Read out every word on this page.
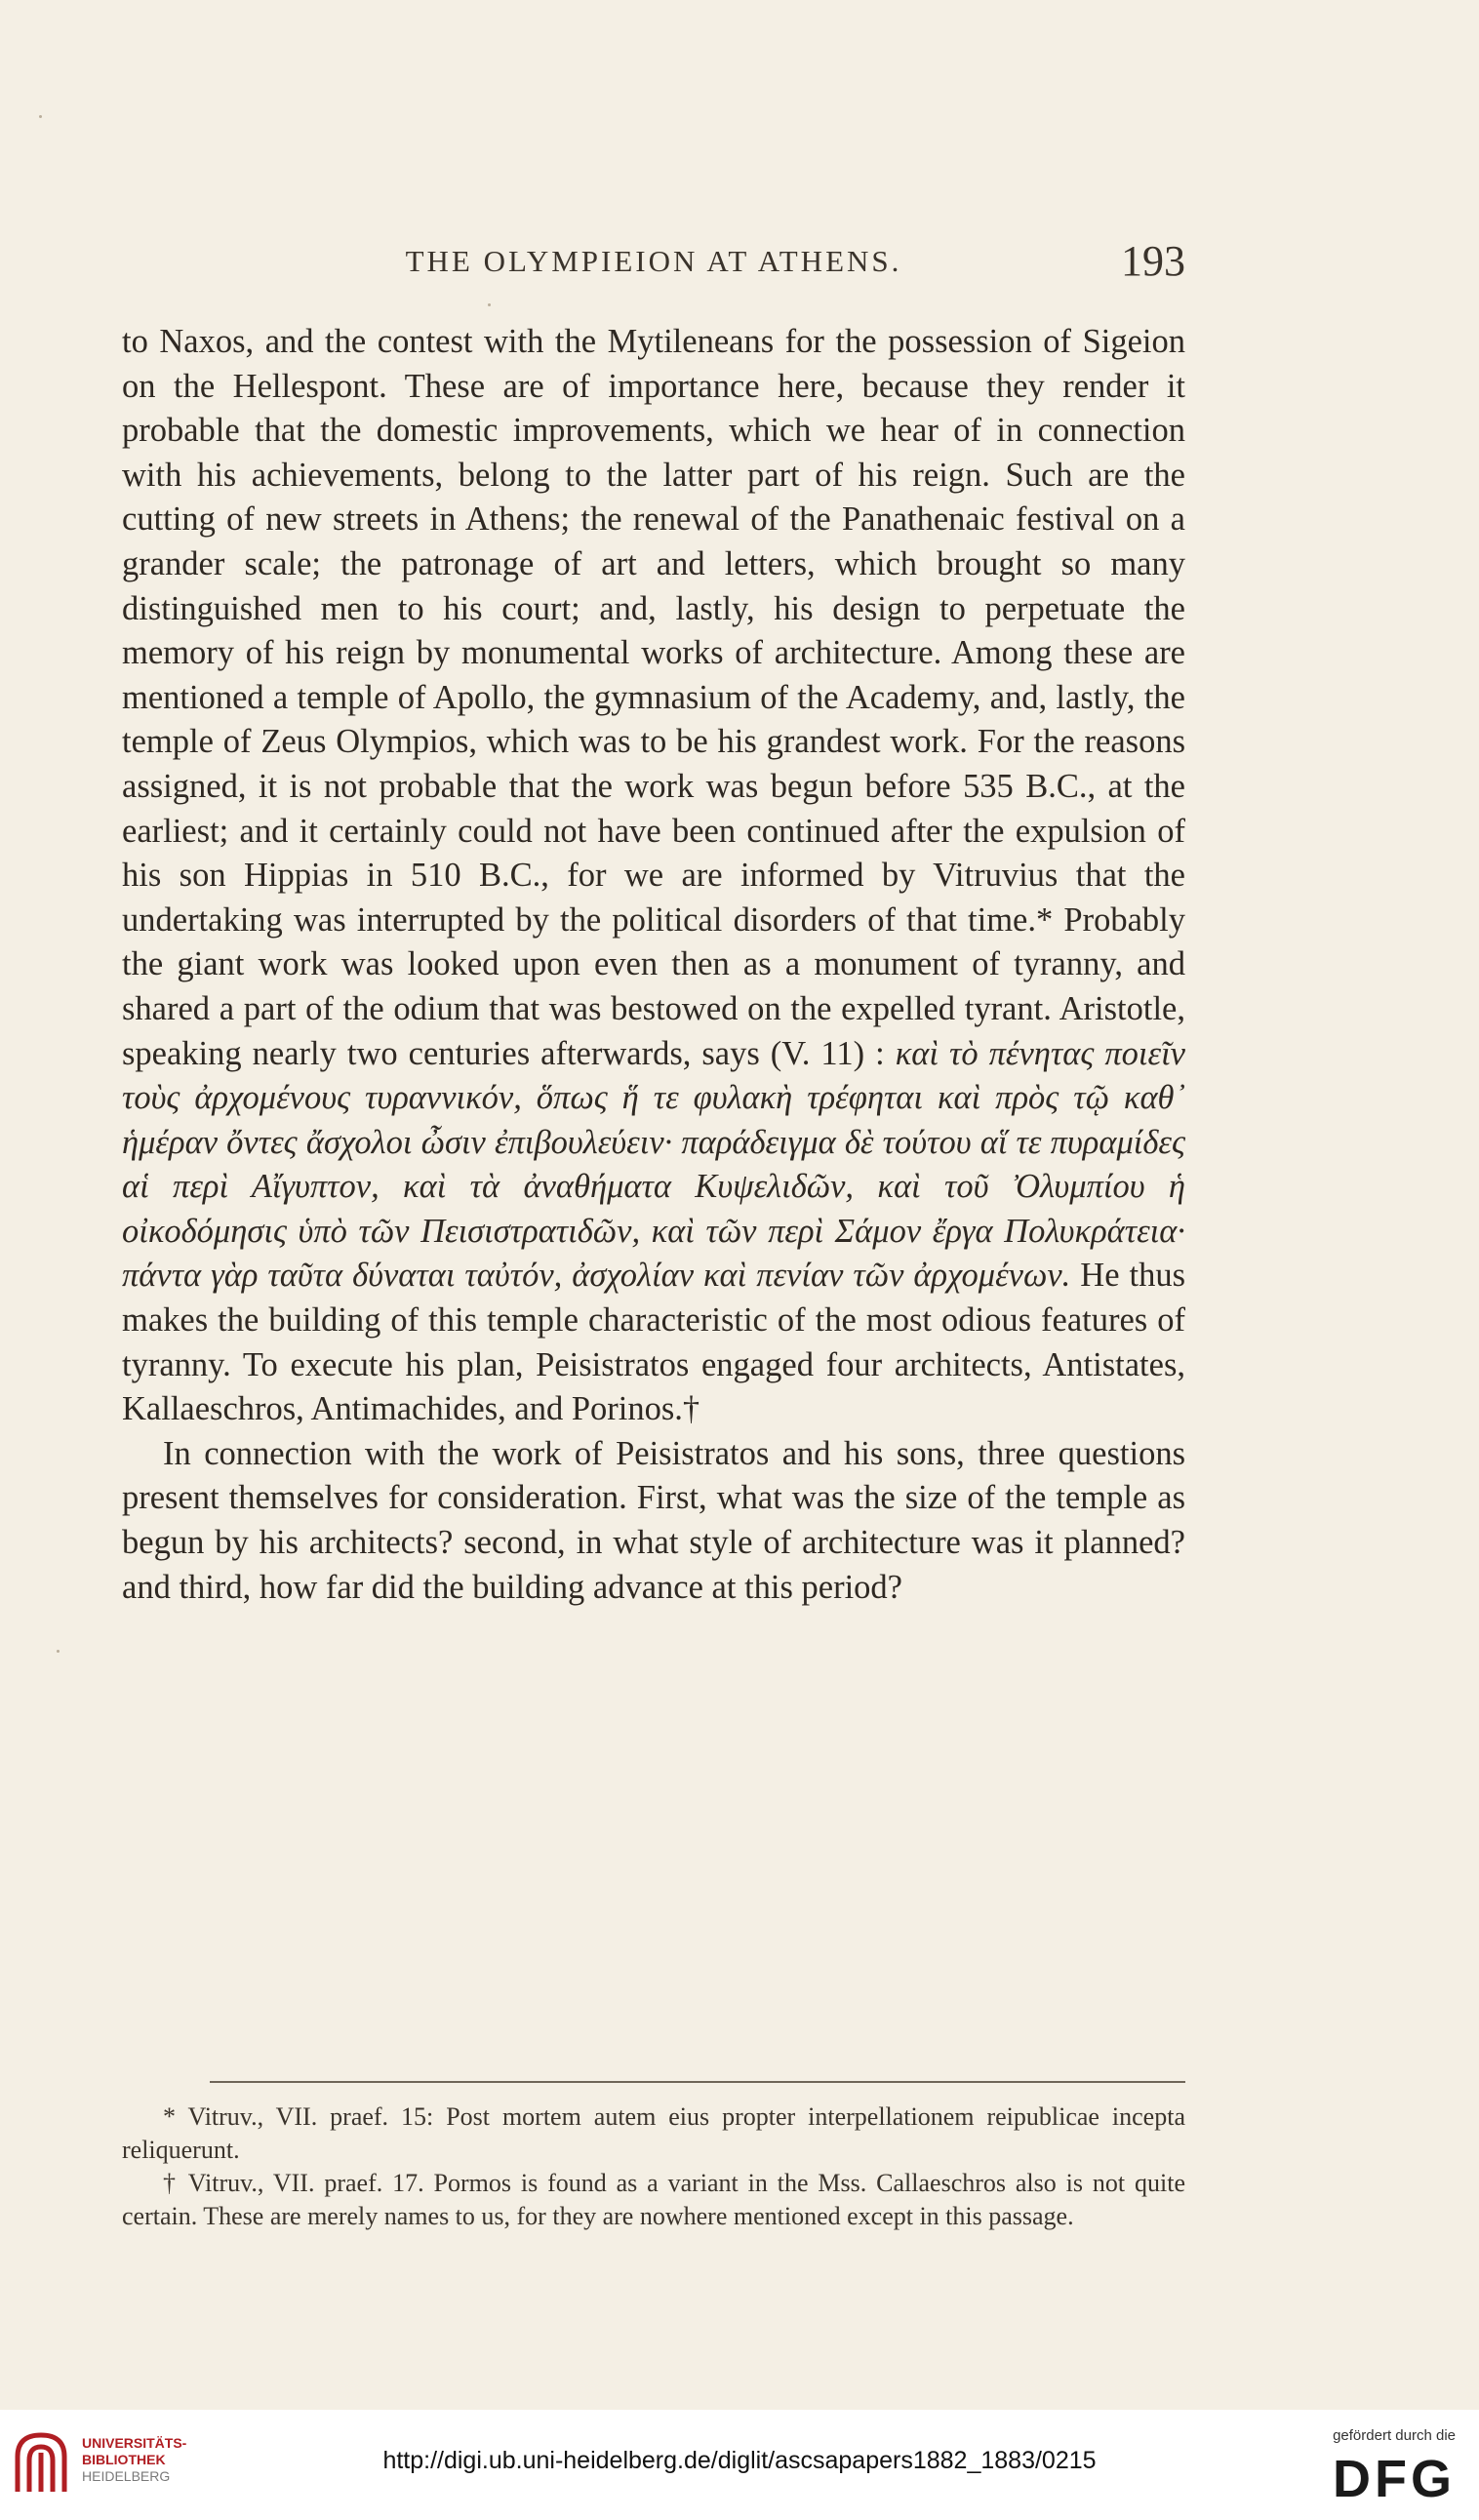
THE OLYMPIEION AT ATHENS.	193

to Naxos, and the contest with the Mytileneans for the possession of Sigeion on the Hellespont. These are of importance here, because they render it probable that the domestic improvements, which we hear of in connection with his achievements, belong to the latter part of his reign. Such are the cutting of new streets in Athens; the renewal of the Panathenaic festival on a grander scale; the patronage of art and letters, which brought so many distinguished men to his court; and, lastly, his design to perpetuate the memory of his reign by monumental works of architecture. Among these are mentioned a temple of Apollo, the gymnasium of the Academy, and, lastly, the temple of Zeus Olympios, which was to be his grandest work. For the reasons assigned, it is not probable that the work was begun before 535 B.C., at the earliest; and it certainly could not have been continued after the expulsion of his son Hippias in 510 B.C., for we are informed by Vitruvius that the undertaking was interrupted by the political disorders of that time.* Probably the giant work was looked upon even then as a monument of tyranny, and shared a part of the odium that was bestowed on the expelled tyrant. Aristotle, speaking nearly two centuries afterwards, says (V. 11) : καὶ τὸ πένητας ποιεῖν τοὺς ἀρχομένους τυραννικόν, ὅπως ἥ τε φυλακὴ τρέφηται καὶ πρὸς τῷ καθ᾽ ἡμέραν ὄντες ἄσχολοι ὦσιν ἐπιβουλεύειν· παράδειγμα δὲ τούτου αἵ τε πυραμίδες αἱ περὶ Αἴγυπτον, καὶ τὰ ἀναθήματα Κυψελιδῶν, καὶ τοῦ Ὀλυμπίου ἡ οἰκοδόμησις ὑπὸ τῶν Πεισιστρατιδῶν, καὶ τῶν περὶ Σάμον ἔργα Πολυκράτεια· πάντα γὰρ ταῦτα δύναται ταὐτόν, ἀσχολίαν καὶ πενίαν τῶν ἀρχομένων. He thus makes the building of this temple characteristic of the most odious features of tyranny. To execute his plan, Peisistratos engaged four architects, Antistates, Kallaeschros, Antimachides, and Porinos.†

In connection with the work of Peisistratos and his sons, three questions present themselves for consideration. First, what was the size of the temple as begun by his architects? second, in what style of architecture was it planned? and third, how far did the building advance at this period?

* Vitruv., VII. praef. 15: Post mortem autem eius propter interpellationem reipublicae incepta reliquerunt.

† Vitruv., VII. praef. 17. Pormos is found as a variant in the Mss. Callaeschros also is not quite certain. These are merely names to us, for they are nowhere mentioned except in this passage.

UNIVERSITÄTS-
BIBLIOTHEK
HEIDELBERG
http://digi.ub.uni-heidelberg.de/diglit/ascsapapers1882_1883/0215
gefördert durch die
DFG
